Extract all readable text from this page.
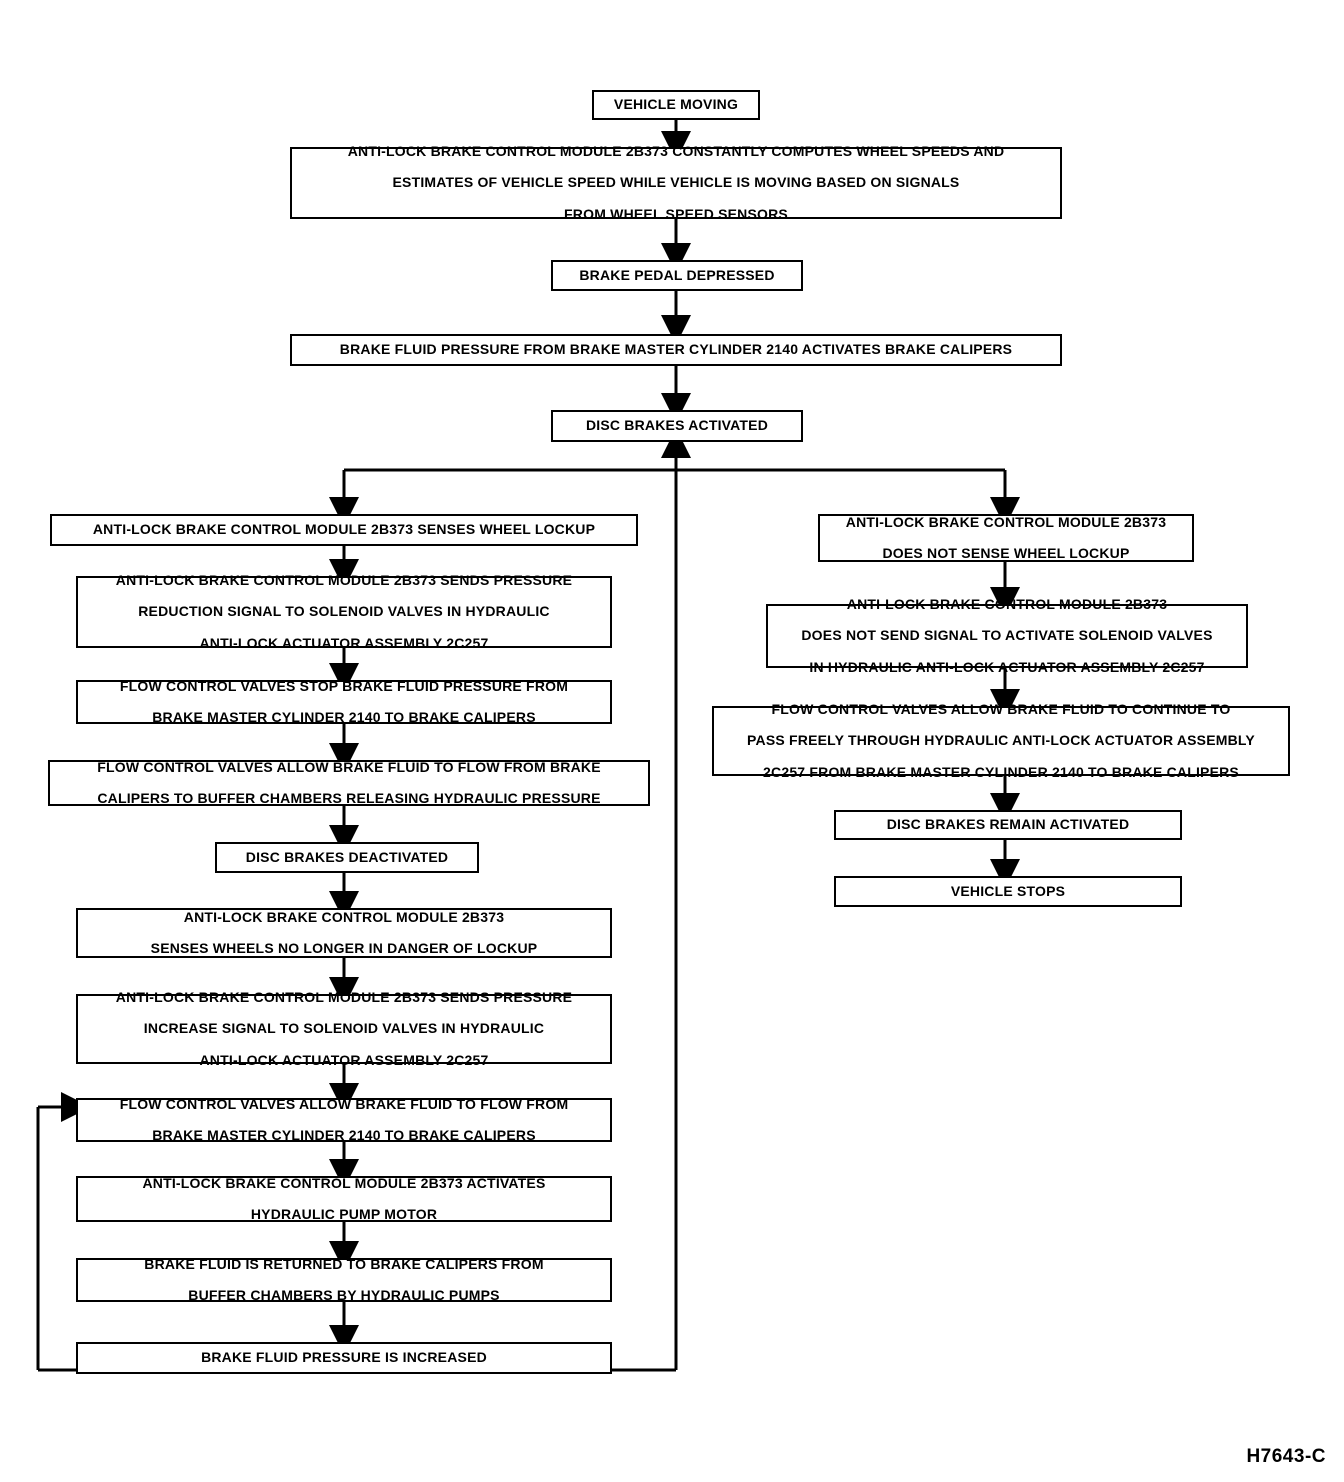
VEHICLE MOVING
ANTI-LOCK BRAKE CONTROL MODULE 2B373 CONSTANTLY COMPUTES WHEEL SPEEDS AND

ESTIMATES OF VEHICLE SPEED WHILE VEHICLE IS MOVING BASED ON SIGNALS

FROM WHEEL SPEED SENSORS
BRAKE PEDAL DEPRESSED
BRAKE FLUID PRESSURE FROM BRAKE MASTER CYLINDER 2140 ACTIVATES BRAKE CALIPERS
DISC BRAKES ACTIVATED
ANTI-LOCK BRAKE CONTROL MODULE 2B373 SENSES WHEEL LOCKUP
ANTI-LOCK BRAKE CONTROL MODULE 2B373 SENDS PRESSURE

REDUCTION SIGNAL TO SOLENOID VALVES IN HYDRAULIC

ANTI-LOCK ACTUATOR ASSEMBLY 2C257
FLOW CONTROL VALVES STOP BRAKE FLUID PRESSURE FROM

BRAKE MASTER CYLINDER 2140 TO BRAKE CALIPERS
FLOW CONTROL VALVES ALLOW BRAKE FLUID TO FLOW FROM BRAKE

CALIPERS TO BUFFER CHAMBERS RELEASING HYDRAULIC PRESSURE
DISC BRAKES DEACTIVATED
ANTI-LOCK BRAKE CONTROL MODULE 2B373

SENSES WHEELS NO LONGER IN DANGER OF LOCKUP
ANTI-LOCK BRAKE CONTROL MODULE 2B373 SENDS PRESSURE

INCREASE SIGNAL TO SOLENOID VALVES IN HYDRAULIC

ANTI-LOCK ACTUATOR ASSEMBLY 2C257
FLOW CONTROL VALVES ALLOW BRAKE FLUID TO FLOW FROM

BRAKE MASTER CYLINDER 2140 TO BRAKE CALIPERS
ANTI-LOCK BRAKE CONTROL MODULE 2B373 ACTIVATES

HYDRAULIC PUMP MOTOR
BRAKE FLUID IS RETURNED TO BRAKE CALIPERS FROM

BUFFER CHAMBERS BY HYDRAULIC PUMPS
BRAKE FLUID PRESSURE IS INCREASED
ANTI-LOCK BRAKE CONTROL MODULE 2B373

DOES NOT SENSE WHEEL LOCKUP
ANTI-LOCK BRAKE CONTROL MODULE 2B373

DOES NOT SEND SIGNAL TO ACTIVATE SOLENOID VALVES

IN HYDRAULIC ANTI-LOCK ACTUATOR ASSEMBLY 2C257
FLOW CONTROL VALVES ALLOW BRAKE FLUID TO CONTINUE TO

PASS FREELY THROUGH HYDRAULIC ANTI-LOCK ACTUATOR ASSEMBLY

2C257 FROM BRAKE MASTER CYLINDER 2140 TO BRAKE CALIPERS
DISC BRAKES REMAIN ACTIVATED
VEHICLE STOPS
H7643-C
